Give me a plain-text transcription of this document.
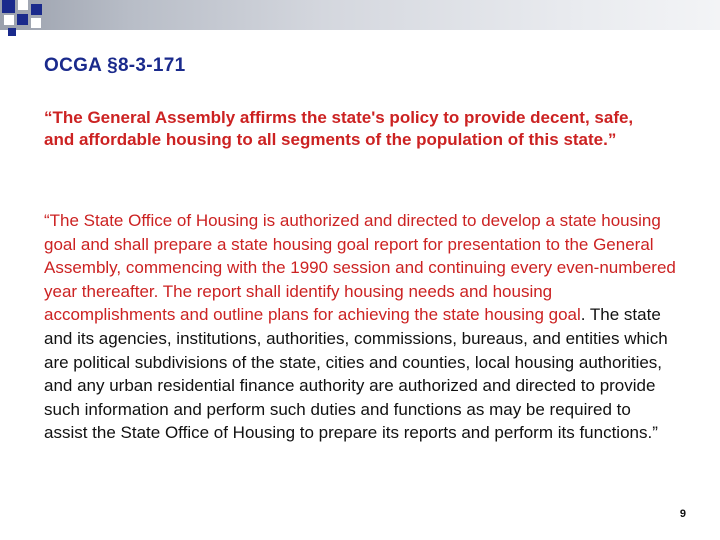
OCGA §8-3-171
“The General Assembly affirms the state's policy to provide decent, safe, and affordable housing to all segments of the population of this state.”
“The State Office of Housing is authorized and directed to develop a state housing goal and shall prepare a state housing goal report for presentation to the General Assembly, commencing with the 1990 session and continuing every even-numbered year thereafter. The report shall identify housing needs and housing accomplishments and outline plans for achieving the state housing goal. The state and its agencies, institutions, authorities, commissions, bureaus, and entities which are political subdivisions of the state, cities and counties, local housing authorities, and any urban residential finance authority are authorized and directed to provide such information and perform such duties and functions as may be required to assist the State Office of Housing to prepare its reports and perform its functions.”
9
